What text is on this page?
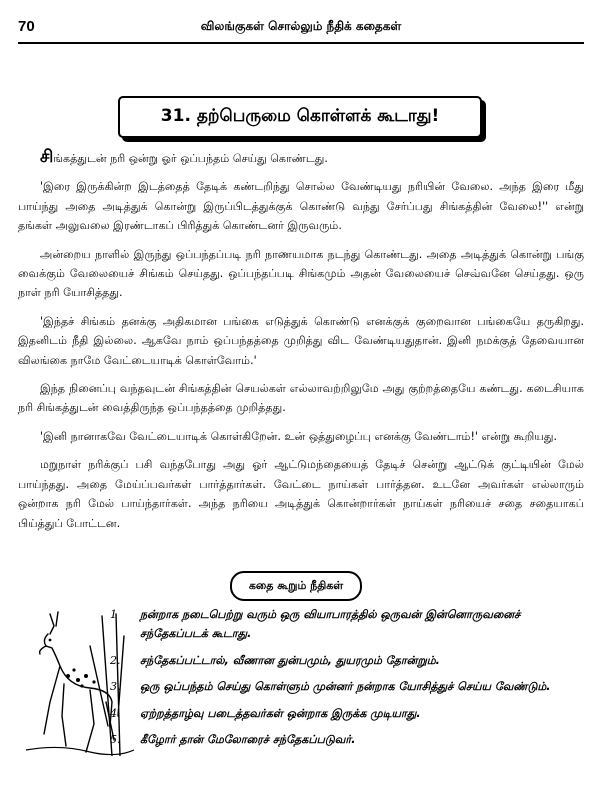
70	விலங்குகள் சொல்லும் நீதிக் கதைகள்
31. தற்பெருமை கொள்ளக் கூடாது!

சிங்கத்துடன் நரி ஒன்று ஓர் ஒப்பந்தம் செய்து கொண்டது.

'இரை இருக்கின்ற இடத்தைத் தேடிக் கண்டறிந்து சொல்ல வேண்டியது நரியின் வேலை. அந்த இரை மீது பாய்ந்து அதை அடித்துக் கொன்று இருப்பிடத்துக்குக் கொண்டு வந்து சேர்ப்பது சிங்கத்தின் வேலை!'' என்று தங்கள் அலுவலை இரண்டாகப் பிரித்துக் கொண்டனர் இருவரும்.

அன்றைய நாளில் இருந்து ஒப்பந்தப்படி நரி நாணயமாக நடந்து கொண்டது. அதை அடித்துக் கொன்று பங்கு வைக்கும் வேலையைச் சிங்கம் செய்தது. ஒப்பந்தப்படி சிங்கமும் அதன் வேலையைச் செவ்வனே செய்தது. ஒரு நாள் நரி யோசித்தது.

'இந்தச் சிங்கம் தனக்கு அதிகமான பங்கை எடுத்துக் கொண்டு எனக்குக் குறைவான பங்கையே தருகிறது. இதனிடம் நீதி இல்லை. ஆகவே நாம் ஒப்பந்தத்தை முறித்து விட வேண்டியதுதான். இனி நமக்குத் தேவையான விலங்கை நாமே வேட்டையாடிக் கொள்வோம்.'

இந்த நினைப்பு வந்தவுடன் சிங்கத்தின் செயல்கள் எல்லாவற்றிலுமே அது குற்றத்தையே கண்டது. கடைசியாக நரி சிங்கத்துடன் வைத்திருந்த ஒப்பந்தத்தை முறித்தது.

'இனி நானாகவே வேட்டையாடிக் கொள்கிறேன். உன் ஒத்துழைப்பு எனக்கு வேண்டாம்!' என்று கூறியது.

மறுநாள் நரிக்குப் பசி வந்தபோது அது ஓர் ஆட்டுமந்தையைத் தேடிச் சென்று ஆட்டுக் குட்டியின் மேல் பாய்ந்தது. அதை மேய்ப்பவர்கள் பார்த்தார்கள். வேட்டை நாய்கள் பார்த்தன. உடனே அவர்கள் எல்லாரும் ஒன்றாக நரி மேல் பாய்ந்தார்கள். அந்த நரியை அடித்துக் கொன்றார்கள் நாய்கள் நரியைச் சதை சதையாகப் பிய்த்துப் போட்டன.

கதை கூறும் நீதிகள்
1 நன்றாக நடைபெற்று வரும் ஒரு வியாபாரத்தில் ஒருவன் இன்னொருவனைச் சந்தேகப்படக் கூடாது.
2. சந்தேகப்பட்டால், வீணான துன்பமும், துயரமும் தோன்றும்.
3. ஒரு ஒப்பந்தம் செய்து கொள்ளும் முன்னர் நன்றாக யோசித்துச் செய்ய வேண்டும்.
4. ஏற்றத்தாழ்வு படைத்தவர்கள் ஒன்றாக இருக்க முடியாது.
5. கீழோர் தான் மேலோரைச் சந்தேகப்படுவர்.
